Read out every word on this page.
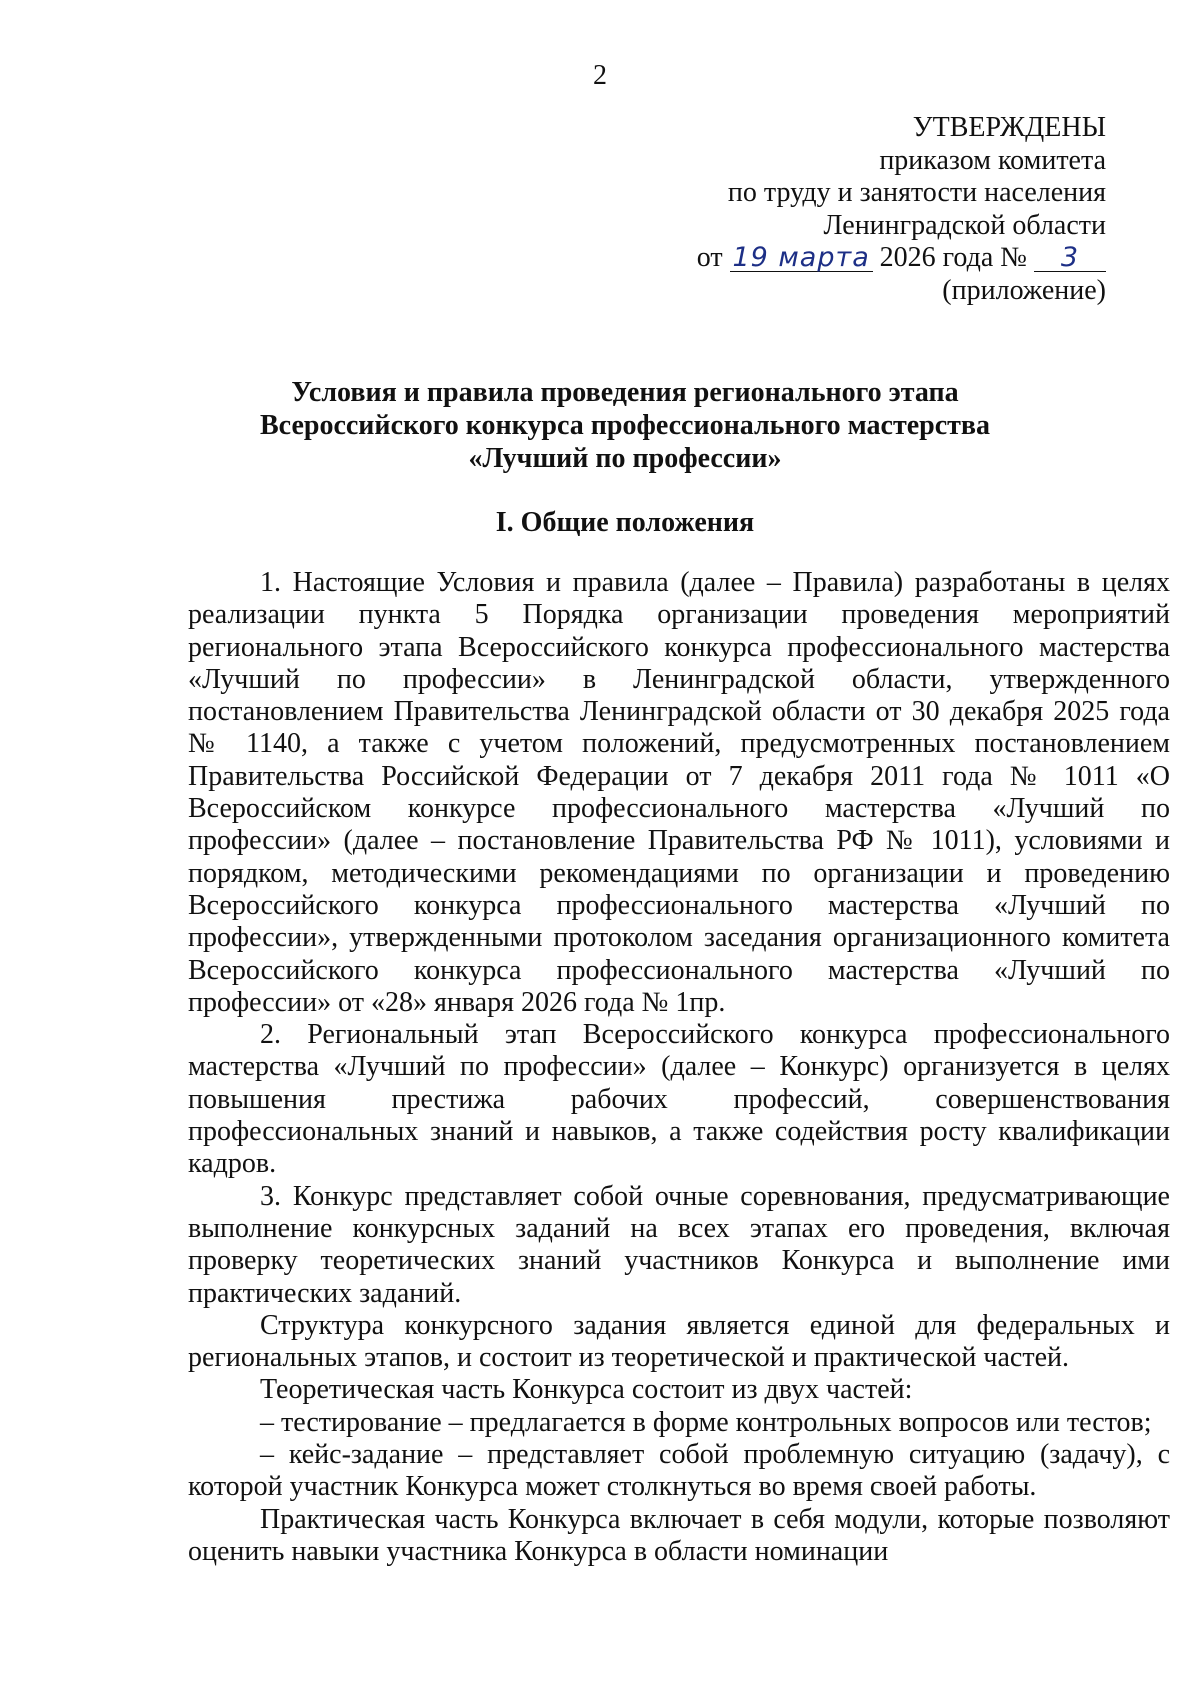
2
УТВЕРЖДЕНЫ
приказом комитета
по труду и занятости населения
Ленинградской области
от 19 марта 2026 года № 3
(приложение)
Условия и правила проведения регионального этапа
Всероссийского конкурса профессионального мастерства
«Лучший по профессии»
I. Общие положения

1. Настоящие Условия и правила (далее – Правила) разработаны в целях реализации пункта 5 Порядка организации проведения мероприятий регионального этапа Всероссийского конкурса профессионального мастерства «Лучший по профессии» в Ленинградской области, утвержденного постановлением Правительства Ленинградской области от 30 декабря 2025 года № 1140, а также с учетом положений, предусмотренных постановлением Правительства Российской Федерации от 7 декабря 2011 года № 1011 «О Всероссийском конкурсе профессионального мастерства «Лучший по профессии» (далее – постановление Правительства РФ № 1011), условиями и порядком, методическими рекомендациями по организации и проведению Всероссийского конкурса профессионального мастерства «Лучший по профессии», утвержденными протоколом заседания организационного комитета Всероссийского конкурса профессионального мастерства «Лучший по профессии» от «28» января 2026 года № 1пр.

2. Региональный этап Всероссийского конкурса профессионального мастерства «Лучший по профессии» (далее – Конкурс) организуется в целях повышения престижа рабочих профессий, совершенствования профессиональных знаний и навыков, а также содействия росту квалификации кадров.

3. Конкурс представляет собой очные соревнования, предусматривающие выполнение конкурсных заданий на всех этапах его проведения, включая проверку теоретических знаний участников Конкурса и выполнение ими практических заданий.

Структура конкурсного задания является единой для федеральных и региональных этапов, и состоит из теоретической и практической частей.

Теоретическая часть Конкурса состоит из двух частей:

– тестирование – предлагается в форме контрольных вопросов или тестов;

– кейс-задание – представляет собой проблемную ситуацию (задачу), с которой участник Конкурса может столкнуться во время своей работы.

Практическая часть Конкурса включает в себя модули, которые позволяют оценить навыки участника Конкурса в области номинации
